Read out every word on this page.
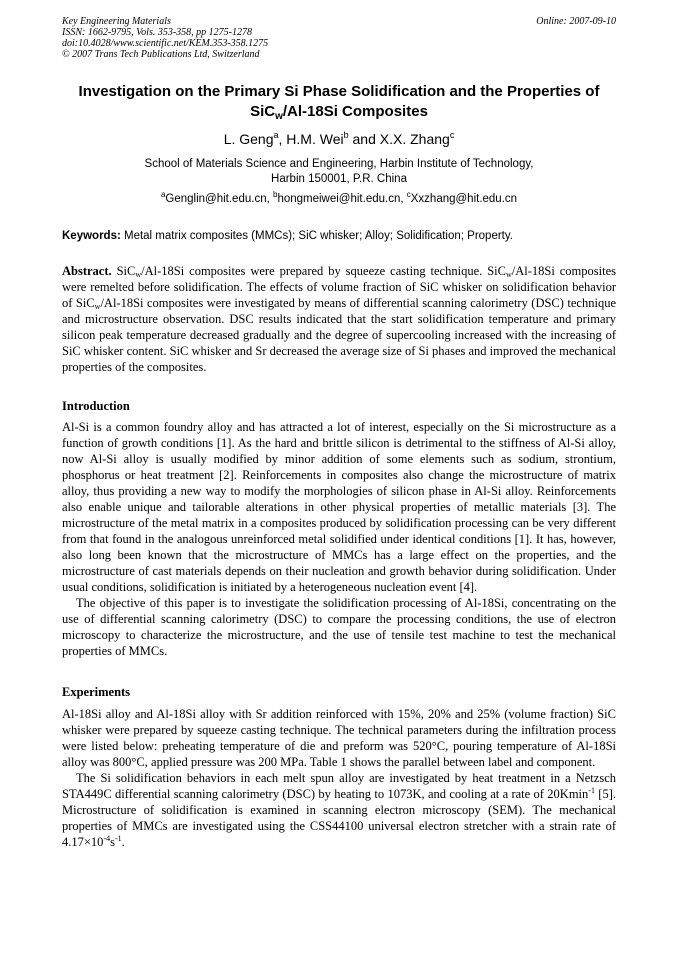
Key Engineering Materials
ISSN: 1662-9795, Vols. 353-358, pp 1275-1278
doi:10.4028/www.scientific.net/KEM.353-358.1275
© 2007 Trans Tech Publications Ltd, Switzerland
Online: 2007-09-10
Investigation on the Primary Si Phase Solidification and the Properties of
SiC$_w$/Al-18Si Composites
L. Geng$^a$, H.M. Wei$^b$ and X.X. Zhang$^c$
School of Materials Science and Engineering, Harbin Institute of Technology,
Harbin 150001, P.R. China
$^a$Genglin@hit.edu.cn, $^b$hongmeiwei@hit.edu.cn, $^c$Xxzhang@hit.edu.cn
Keywords: Metal matrix composites (MMCs); SiC whisker; Alloy; Solidification; Property.
Abstract. SiC$_w$/Al-18Si composites were prepared by squeeze casting technique. SiC$_w$/Al-18Si composites were remelted before solidification. The effects of volume fraction of SiC whisker on solidification behavior of SiC$_w$/Al-18Si composites were investigated by means of differential scanning calorimetry (DSC) technique and microstructure observation. DSC results indicated that the start solidification temperature and primary silicon peak temperature decreased gradually and the degree of supercooling increased with the increasing of SiC whisker content. SiC whisker and Sr decreased the average size of Si phases and improved the mechanical properties of the composites.
Introduction

Al-Si is a common foundry alloy and has attracted a lot of interest, especially on the Si microstructure as a function of growth conditions [1]. As the hard and brittle silicon is detrimental to the stiffness of Al-Si alloy, now Al-Si alloy is usually modified by minor addition of some elements such as sodium, strontium, phosphorus or heat treatment [2]. Reinforcements in composites also change the microstructure of matrix alloy, thus providing a new way to modify the morphologies of silicon phase in Al-Si alloy. Reinforcements also enable unique and tailorable alterations in other physical properties of metallic materials [3]. The microstructure of the metal matrix in a composites produced by solidification processing can be very different from that found in the analogous unreinforced metal solidified under identical conditions [1]. It has, however, also long been known that the microstructure of MMCs has a large effect on the properties, and the microstructure of cast materials depends on their nucleation and growth behavior during solidification. Under usual conditions, solidification is initiated by a heterogeneous nucleation event [4].

The objective of this paper is to investigate the solidification processing of Al-18Si, concentrating on the use of differential scanning calorimetry (DSC) to compare the processing conditions, the use of electron microscopy to characterize the microstructure, and the use of tensile test machine to test the mechanical properties of MMCs.

Experiments

Al-18Si alloy and Al-18Si alloy with Sr addition reinforced with 15%, 20% and 25% (volume fraction) SiC whisker were prepared by squeeze casting technique. The technical parameters during the infiltration process were listed below: preheating temperature of die and preform was 520°C, pouring temperature of Al-18Si alloy was 800°C, applied pressure was 200 MPa. Table 1 shows the parallel between label and component.

The Si solidification behaviors in each melt spun alloy are investigated by heat treatment in a Netzsch STA449C differential scanning calorimetry (DSC) by heating to 1073K, and cooling at a rate of 20Kmin$^{-1}$ [5]. Microstructure of solidification is examined in scanning electron microscopy (SEM). The mechanical properties of MMCs are investigated using the CSS44100 universal electron stretcher with a strain rate of $4.17\times 10^{-4}s^{-1}$.
